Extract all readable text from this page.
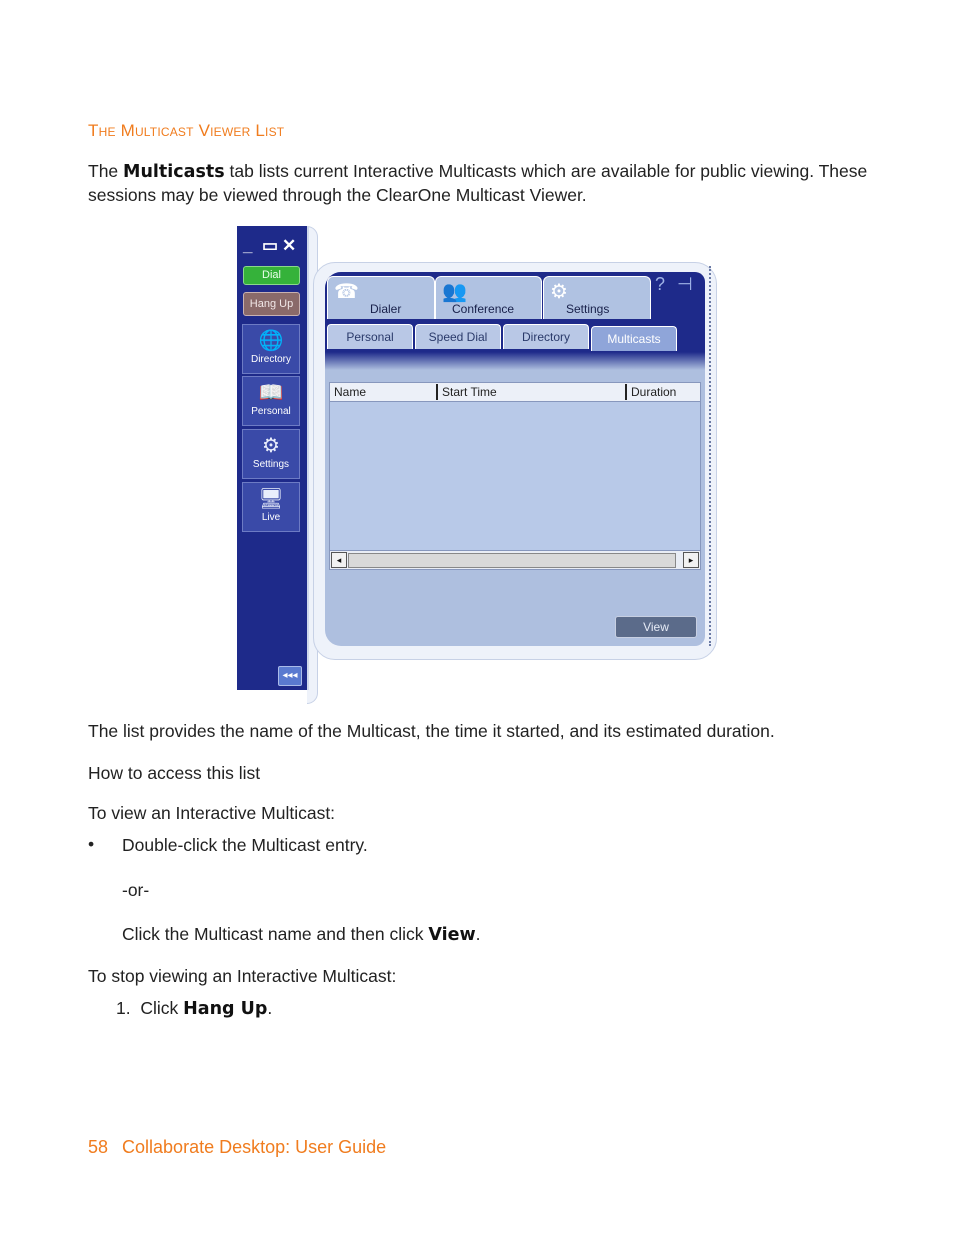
The Multicast Viewer List
The Multicasts tab lists current Interactive Multicasts which are available for public viewing. These sessions may be viewed through the ClearOne Multicast Viewer.
_ ▭ ✕
Dial
Hang Up
🌐
Directory
📖
Personal
⚙
Settings
🖥
Live
◂◂◂
☎
Dialer
👥
Conference
⚙
Settings
? ⊣
Personal	Speed Dial	Directory	Multicasts
Name	Start Time	Duration
◂	▸
View
The list provides the name of the Multicast, the time it started, and its estimated duration.
How to access this list
To view an Interactive Multicast:
• Double-click the Multicast entry.
-or-
Click the Multicast name and then click View.
To stop viewing an Interactive Multicast:
1. Click Hang Up.
58 Collaborate Desktop: User Guide
